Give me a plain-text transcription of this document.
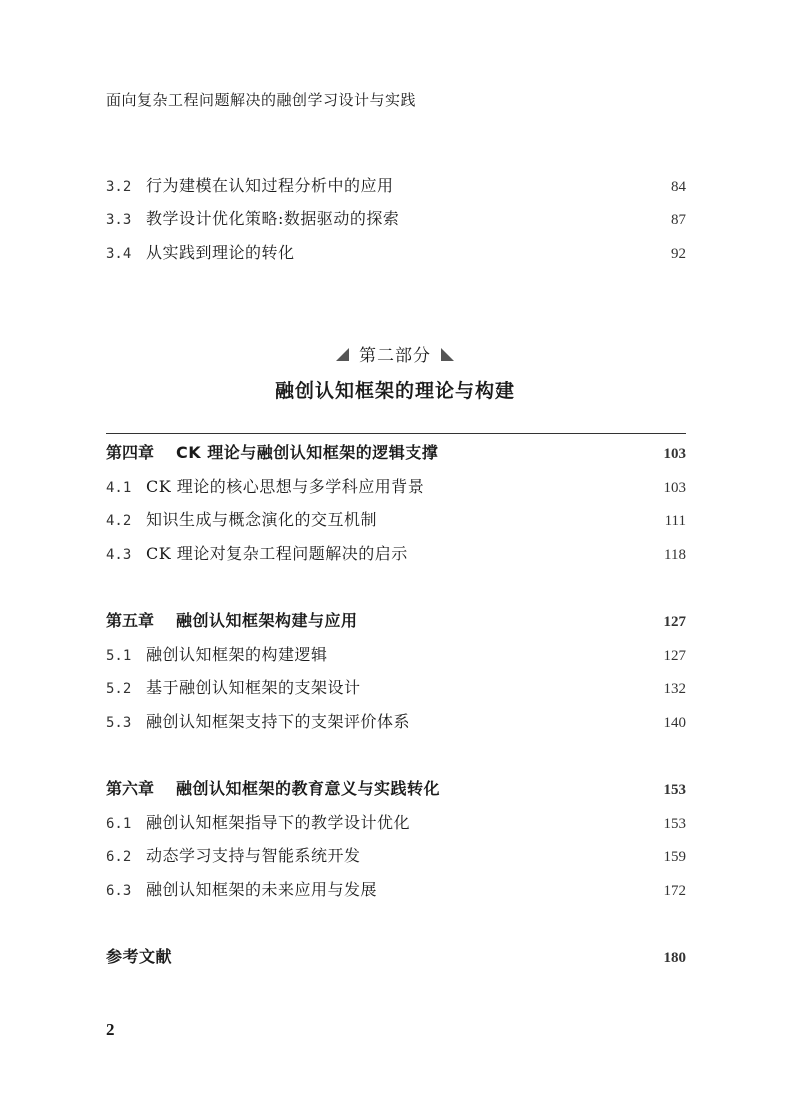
面向复杂工程问题解决的融创学习设计与实践
3.2 行为建模在认知过程分析中的应用	84
3.3 教学设计优化策略:数据驱动的探索	87
3.4 从实践到理论的转化	92
第二部分
融创认知框架的理论与构建
第四章 CK 理论与融创认知框架的逻辑支撑	103
4.1 CK 理论的核心思想与多学科应用背景	103
4.2 知识生成与概念演化的交互机制	111
4.3 CK 理论对复杂工程问题解决的启示	118
第五章 融创认知框架构建与应用	127
5.1 融创认知框架的构建逻辑	127
5.2 基于融创认知框架的支架设计	132
5.3 融创认知框架支持下的支架评价体系	140
第六章 融创认知框架的教育意义与实践转化	153
6.1 融创认知框架指导下的教学设计优化	153
6.2 动态学习支持与智能系统开发	159
6.3 融创认知框架的未来应用与发展	172
参考文献	180
2
